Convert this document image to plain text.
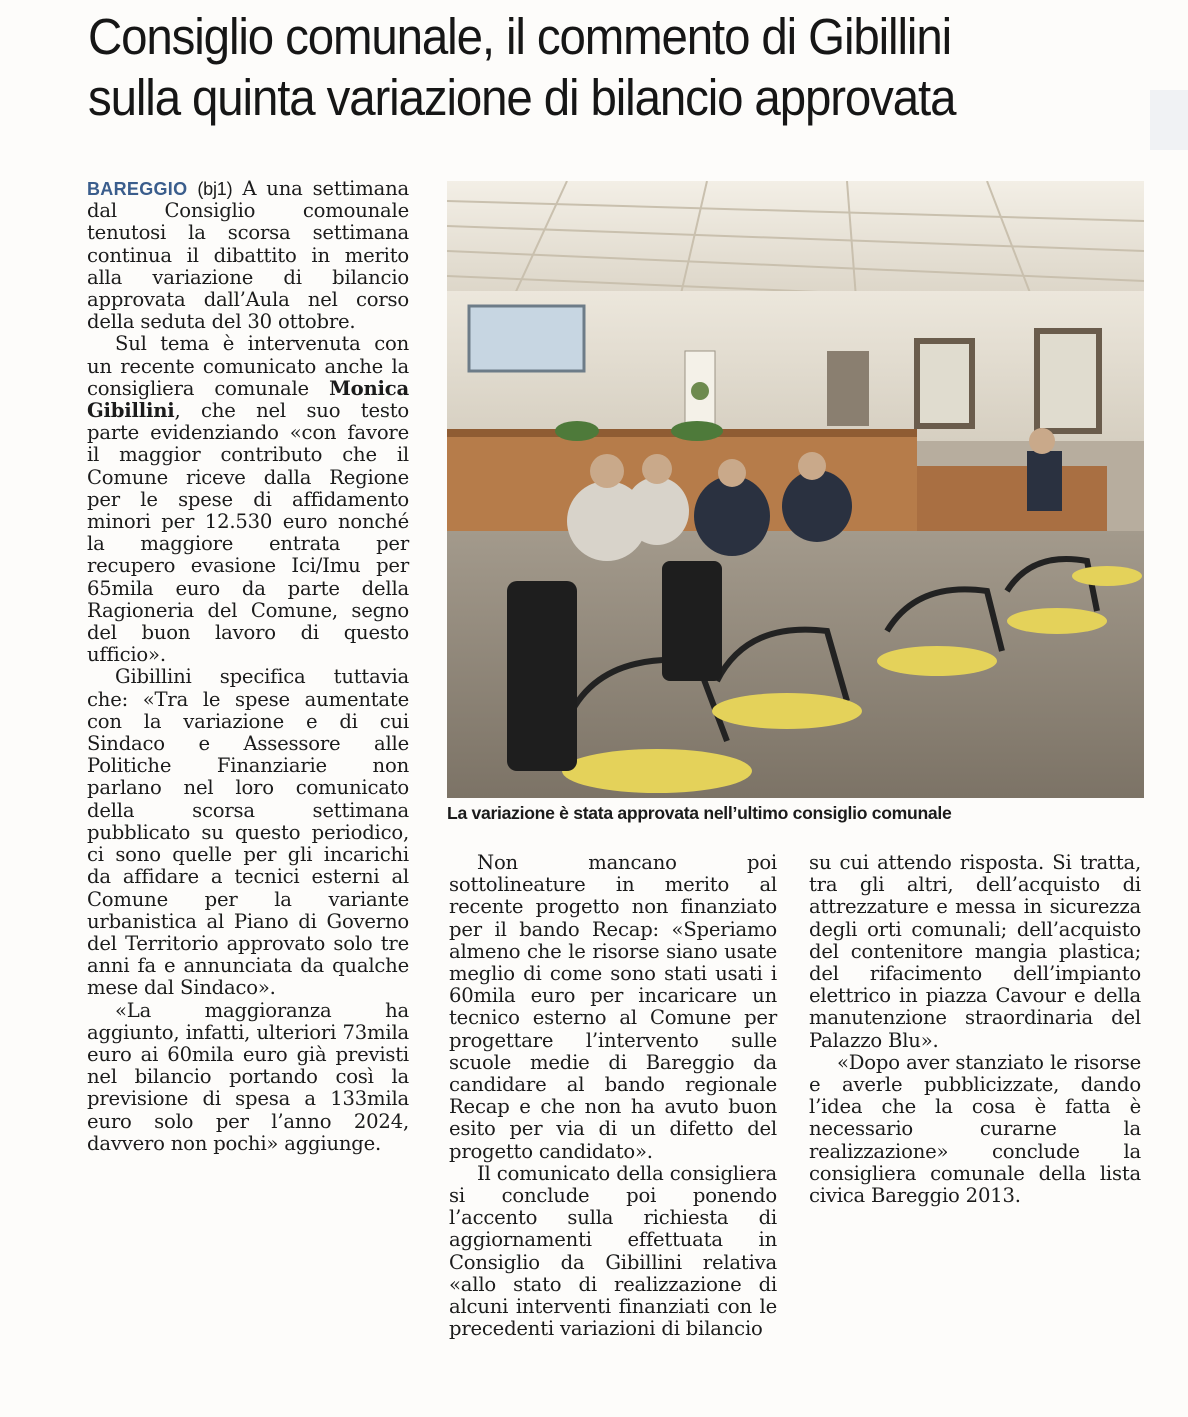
Consiglio comunale, il commento di Gibillini
sulla quinta variazione di bilancio approvata

BAREGGIO (bj1) A una settimana dal Consiglio comounale tenutosi la scorsa settimana continua il dibattito in merito alla variazione di bilancio approvata dall’Aula nel corso della seduta del 30 ottobre.

Sul tema è intervenuta con un recente comunicato anche la consigliera comunale Monica Gibillini, che nel suo testo parte evidenziando «con favore il maggior contributo che il Comune riceve dalla Regione per le spese di affidamento minori per 12.530 euro nonché la maggiore entrata per recupero evasione Ici/Imu per 65mila euro da parte della Ragioneria del Comune, segno del buon lavoro di questo ufficio».

Gibillini specifica tuttavia che: «Tra le spese aumentate con la variazione e di cui Sindaco e Assessore alle Politiche Finanziarie non parlano nel loro comunicato della scorsa settimana pubblicato su questo periodico, ci sono quelle per gli incarichi da affidare a tecnici esterni al Comune per la variante urbanistica al Piano di Governo del Territorio approvato solo tre anni fa e annunciata da qualche mese dal Sindaco».

«La maggioranza ha aggiunto, infatti, ulteriori 73mila euro ai 60mila euro già previsti nel bilancio portando così la previsione di spesa a 133mila euro solo per l’anno 2024, davvero non pochi» aggiunge.

La variazione è stata approvata nell’ultimo consiglio comunale

Non mancano poi sottolineature in merito al recente progetto non finanziato per il bando Recap: «Speriamo almeno che le risorse siano usate meglio di come sono stati usati i 60mila euro per incaricare un tecnico esterno al Comune per progettare l’intervento sulle scuole medie di Bareggio da candidare al bando regionale Recap e che non ha avuto buon esito per via di un difetto del progetto candidato».

Il comunicato della consigliera si conclude poi ponendo l’accento sulla richiesta di aggiornamenti effettuata in Consiglio da Gibillini relativa «allo stato di realizzazione di alcuni interventi finanziati con le precedenti variazioni di bilancio

su cui attendo risposta. Si tratta, tra gli altri, dell’acquisto di attrezzature e messa in sicurezza degli orti comunali; dell’acquisto del contenitore mangia plastica; del rifacimento dell’impianto elettrico in piazza Cavour e della manutenzione straordinaria del Palazzo Blu».

«Dopo aver stanziato le risorse e averle pubblicizzate, dando l’idea che la cosa è fatta è necessario curarne la realizzazione» conclude la consigliera comunale della lista civica Bareggio 2013.
